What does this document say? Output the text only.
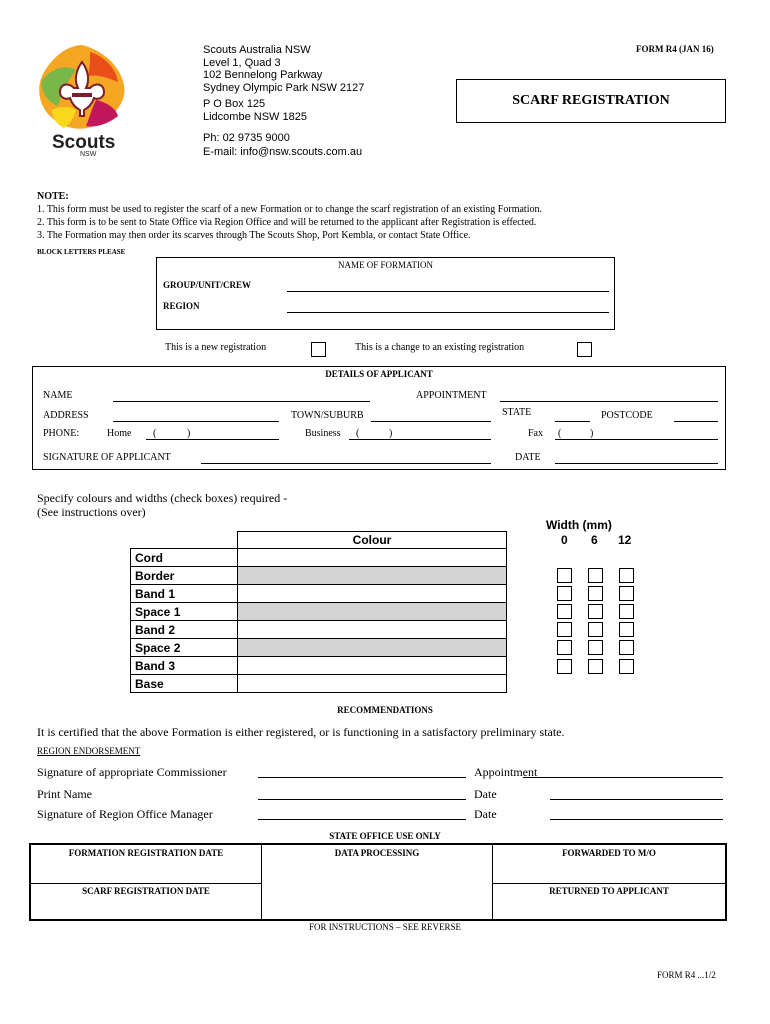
Scouts
NSW
Scouts Australia NSW
Level 1, Quad 3
102 Bennelong Parkway
Sydney Olympic Park NSW 2127
P O Box 125
Lidcombe NSW 1825
Ph: 02 9735 9000
E-mail: info@nsw.scouts.com.au
FORM R4 (JAN 16)
SCARF REGISTRATION
NOTE:
1. This form must be used to register the scarf of a new Formation or to change the scarf registration of an existing Formation.
2. This form is to be sent to State Office via Region Office and will be returned to the applicant after Registration is effected.
3. The Formation may then order its scarves through The Scouts Shop, Port Kembla, or contact State Office.
BLOCK LETTERS PLEASE
NAME OF FORMATION
GROUP/UNIT/CREW
REGION
This is a new registration	This is a change to an existing registration
DETAILS OF APPLICANT
NAME	APPOINTMENT
ADDRESS	TOWN/SUBURB	STATE	POSTCODE
PHONE:	Home (	)	Business (	)	Fax (	)
SIGNATURE OF APPLICANT	DATE
Specify colours and widths (check boxes) required -
(See instructions over)
Width (mm)
0 6 12
	Colour
Cord	
Border	
Band 1	
Space 1	
Band 2	
Space 2	
Band 3	
Base	
RECOMMENDATIONS
It is certified that the above Formation is either registered, or is functioning in a satisfactory preliminary state.
REGION ENDORSEMENT
Signature of appropriate Commissioner	Appointment
Print Name	Date
Signature of Region Office Manager	Date
STATE OFFICE USE ONLY
FORMATION REGISTRATION DATE	DATA PROCESSING	FORWARDED TO M/O
SCARF REGISTRATION DATE	RETURNED TO APPLICANT
FOR INSTRUCTIONS – SEE REVERSE
FORM R4 ...1/2
